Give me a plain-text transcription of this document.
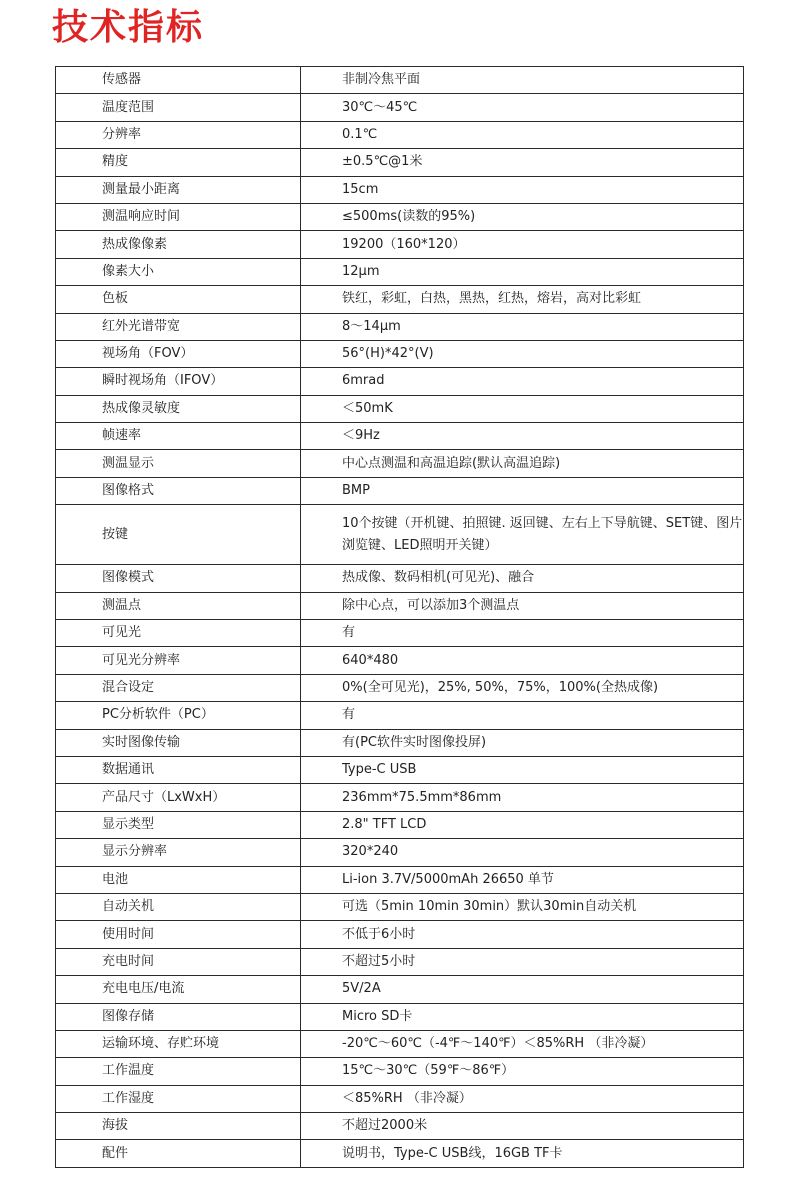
技术指标
传感器	非制冷焦平面
温度范围	30℃～45℃
分辨率	0.1℃
精度	±0.5℃@1米
测量最小距离	15cm
测温响应时间	≤500ms(读数的95%)
热成像像素	19200（160*120）
像素大小	12μm
色板	铁红，彩虹，白热，黑热，红热，熔岩，高对比彩虹
红外光谱带宽	8～14μm
视场角（FOV）	56°(H)*42°(V)
瞬时视场角（IFOV）	6mrad
热成像灵敏度	＜50mK
帧速率	＜9Hz
测温显示	中心点测温和高温追踪(默认高温追踪)
图像格式	BMP
按键	10个按键（开机键、拍照键. 返回键、左右上下导航键、SET键、图片浏览键、LED照明开关键）
图像模式	热成像、数码相机(可见光)、融合
测温点	除中心点，可以添加3个测温点
可见光	有
可见光分辨率	640*480
混合设定	0%(全可见光)，25%, 50%，75%，100%(全热成像)
PC分析软件（PC）	有
实时图像传输	有(PC软件实时图像投屏)
数据通讯	Type-C USB
产品尺寸（LxWxH）	236mm*75.5mm*86mm
显示类型	2.8" TFT LCD
显示分辨率	320*240
电池	Li-ion 3.7V/5000mAh 26650 单节
自动关机	可选（5min 10min 30min）默认30min自动关机
使用时间	不低于6小时
充电时间	不超过5小时
充电电压/电流	5V/2A
图像存储	Micro SD卡
运输环境、存贮环境	-20℃～60℃（-4℉～140℉）＜85%RH （非冷凝）
工作温度	15℃～30℃（59℉～86℉）
工作湿度	＜85%RH （非冷凝）
海拔	不超过2000米
配件	说明书，Type-C USB线，16GB TF卡
